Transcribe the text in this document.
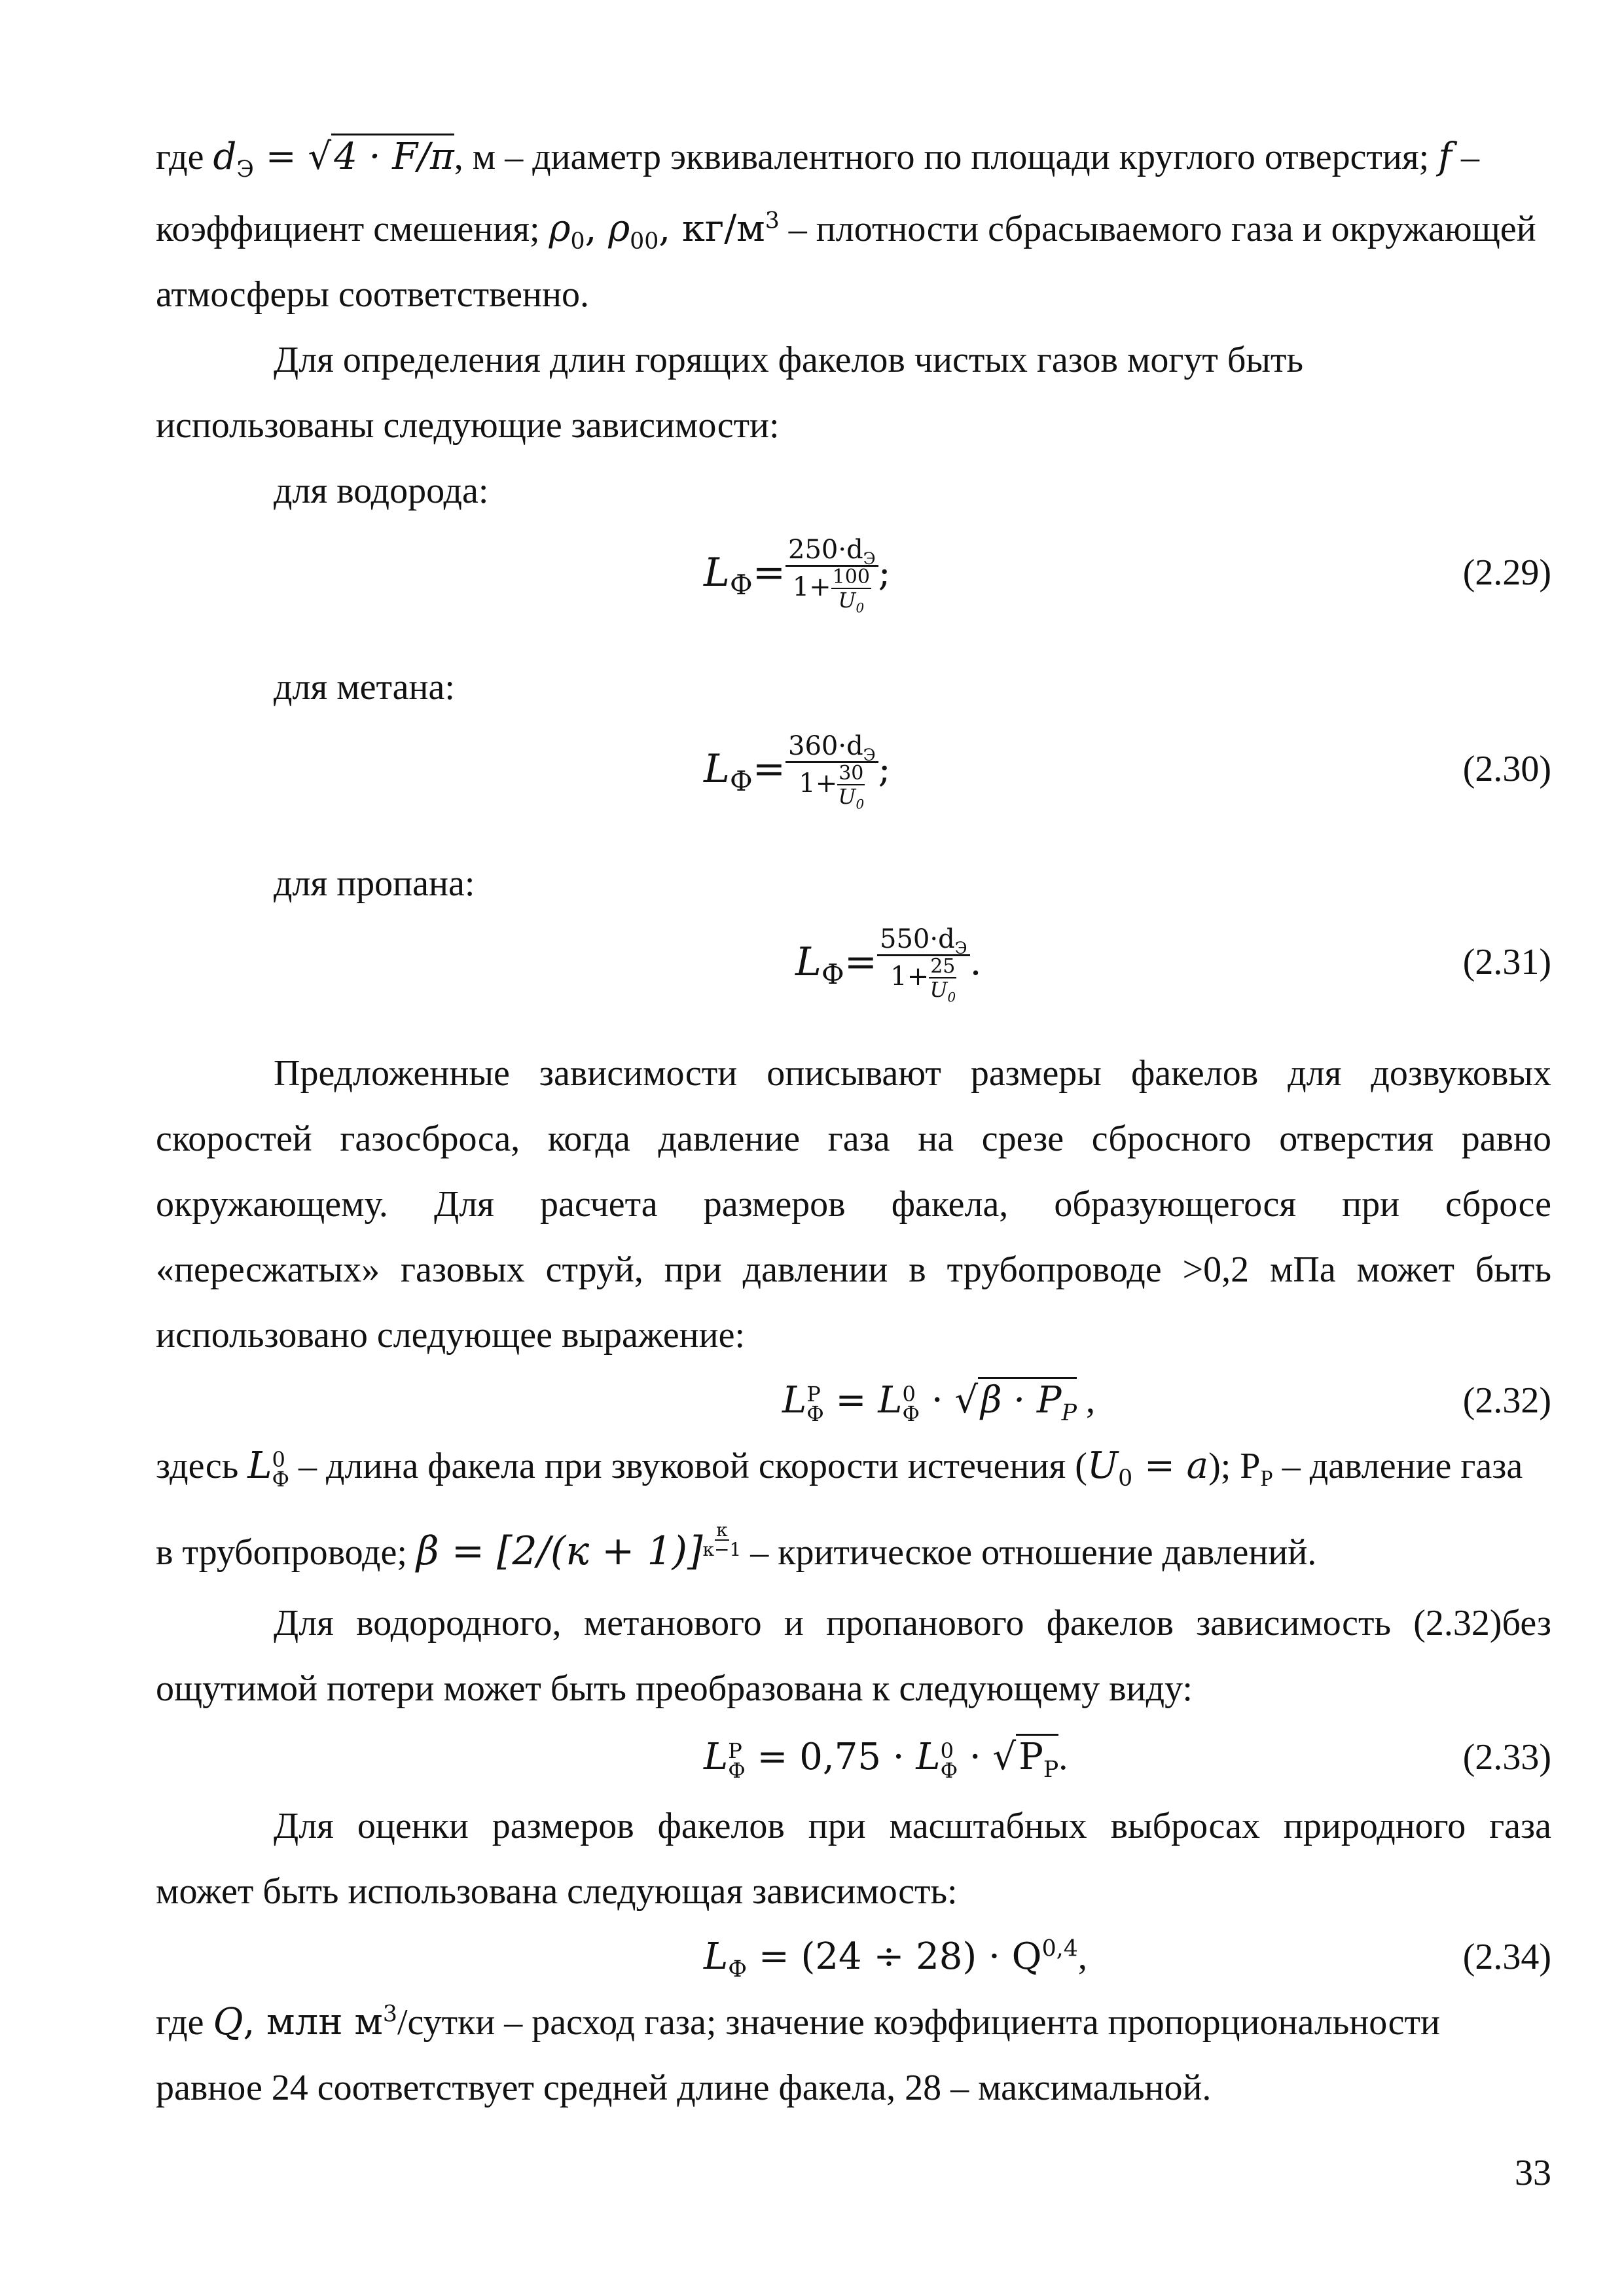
где $d_Э = √4 \cdot F/\pi$, м – диаметр эквивалентного по площади круглого отверстия; f –
коэффициент смешения; $\rho_0$, $\rho_{00}$, $кг/м^3$ – плотности сбрасываемого газа и окружающей
атмосферы соответственно.
Для определения длин горящих факелов чистых газов могут быть
использованы следующие зависимости:
для водорода:
$L_Ф = \frac{250\cdot d_Э}{1+ \frac{100}{U_0}}$ ;	(2.29)
для метана:
$L_Ф = \frac{360\cdot d_Э}{1+ \frac{30}{U_0}}$ ;	(2.30)
для пропана:
$L_Ф = \frac{550\cdot d_Э}{1+ \frac{25}{U_0}}$ .	(2.31)
Предложенные зависимости описывают размеры факелов для дозвуковых
скоростей газосброса, когда давление газа на срезе сбросного отверстия равно
окружающему. Для расчета размеров факела, образующегося при сбросе
«пересжатых» газовых струй, при давлении в трубопроводе >0,2 мПа может быть
использовано следующее выражение:
L Р
Ф = L 0
$Ф \cdot √\beta \cdot P_Р$ ,	(2.32)
здесь L 0
Ф – длина факела при звуковой скорости истечения $(U_0 = a)$; $P_Р$ – давление газа
в трубопроводе; β = [2/(к + 1)] к
к−1 – критическое отношение давлений.
Для водородного, метанового и пропанового факелов зависимость (2.32)без
ощутимой потери может быть преобразована к следующему виду:
L Р
Ф = 0,75 · L 0
$Ф \cdot √P_Р$.	(2.33)
Для оценки размеров факелов при масштабных выбросах природного газа
может быть использована следующая зависимость:
$L_Ф = (24 \div 28) \cdot Q^{0,4}$,	(2.34)
где Q, млн $м^3$/сутки – расход газа; значение коэффициента пропорциональности
равное 24 соответствует средней длине факела, 28 – максимальной.
33
